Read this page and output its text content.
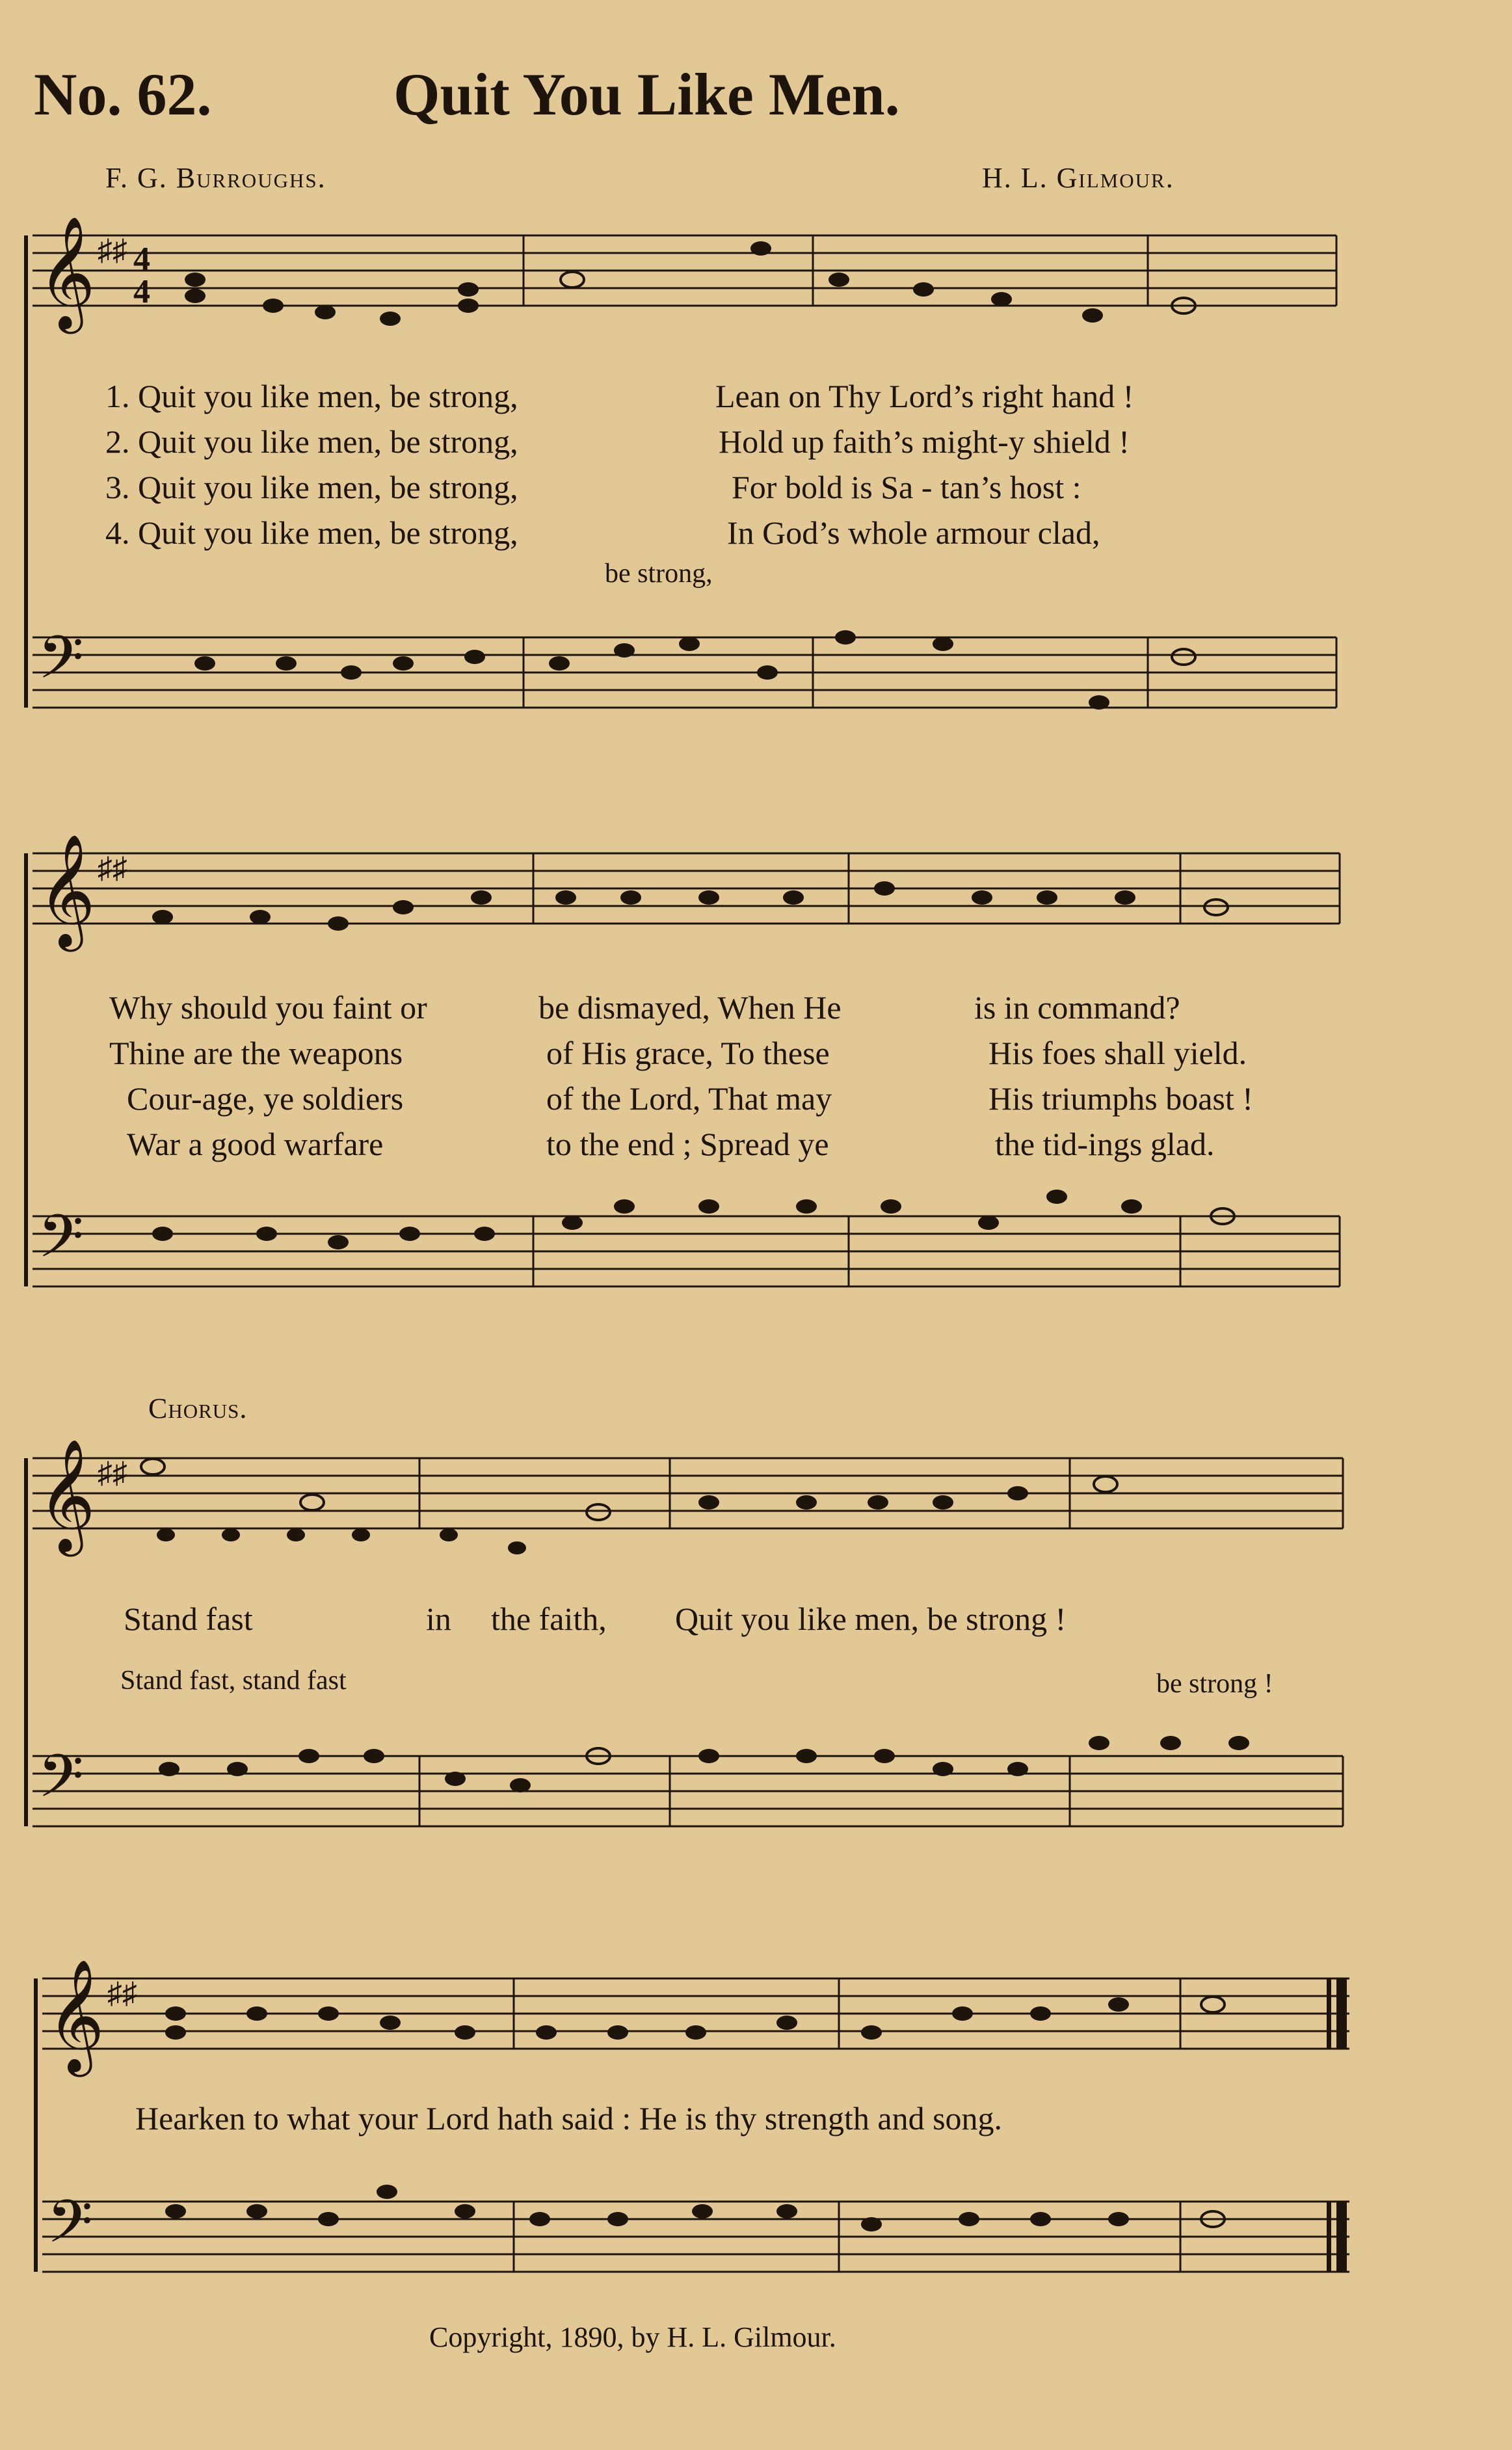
No. 62.	Quit You Like Men.
F. G. Burroughs.	H. L. Gilmour.
𝄞
𝄢
♯♯ 4
4
1. Quit you like men, be strong,	Lean on Thy Lord’s right hand !
2. Quit you like men, be strong,	Hold up faith’s might-y shield !
3. Quit you like men, be strong,	For bold is Sa - tan’s host :
4. Quit you like men, be strong,	In God’s whole armour clad,
be strong,
𝄞
𝄢
♯♯
Why should you faint or	be dismayed, When He	is in command?
Thine are the weapons	of His grace, To these	His foes shall yield.
Cour-age, ye soldiers	of the Lord, That may	His triumphs boast !
War a good warfare	to the end ; Spread ye	the tid-ings glad.
Chorus.
𝄞
𝄢
♯♯
Stand fast	in the faith, Quit you like men, be strong !
Stand fast, stand fast	be strong !
𝄞
𝄢
♯♯
Hearken to what your Lord hath said : He is thy strength and song.
Copyright, 1890, by H. L. Gilmour.
